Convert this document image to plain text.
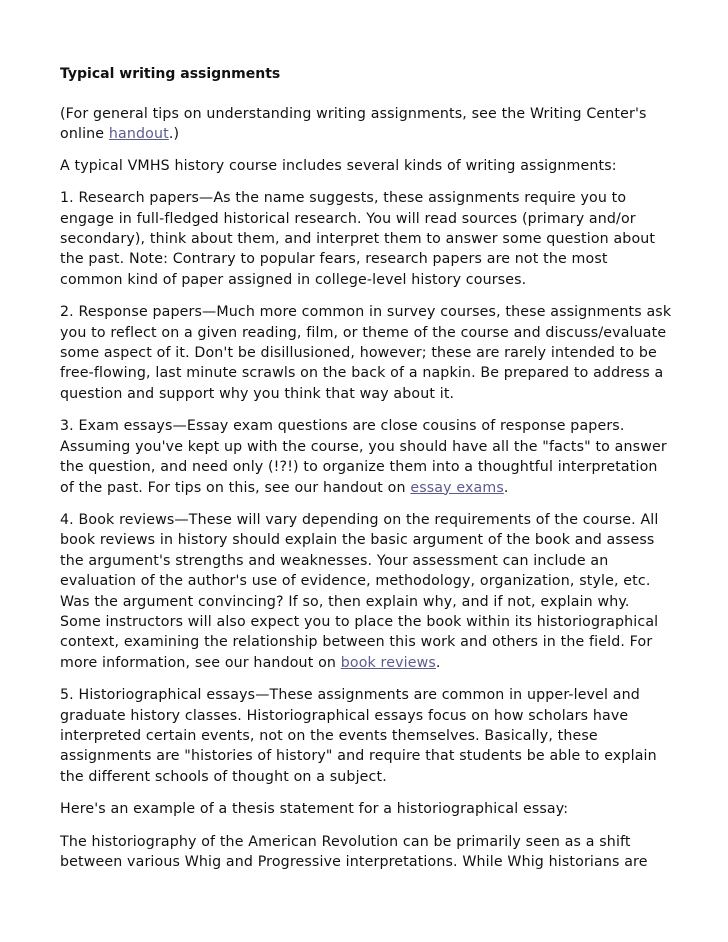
Typical writing assignments

(For general tips on understanding writing assignments, see the Writing Center's online handout.)

A typical VMHS history course includes several kinds of writing assignments:

1. Research papers—As the name suggests, these assignments require you to engage in full-fledged historical research. You will read sources (primary and/or secondary), think about them, and interpret them to answer some question about the past. Note: Contrary to popular fears, research papers are not the most common kind of paper assigned in college-level history courses.

2. Response papers—Much more common in survey courses, these assignments ask you to reflect on a given reading, film, or theme of the course and discuss/evaluate some aspect of it. Don't be disillusioned, however; these are rarely intended to be free-flowing, last minute scrawls on the back of a napkin. Be prepared to address a question and support why you think that way about it.

3. Exam essays—Essay exam questions are close cousins of response papers. Assuming you've kept up with the course, you should have all the "facts" to answer the question, and need only (!?!) to organize them into a thoughtful interpretation of the past. For tips on this, see our handout on essay exams.

4. Book reviews—These will vary depending on the requirements of the course. All book reviews in history should explain the basic argument of the book and assess the argument's strengths and weaknesses. Your assessment can include an evaluation of the author's use of evidence, methodology, organization, style, etc. Was the argument convincing? If so, then explain why, and if not, explain why. Some instructors will also expect you to place the book within its historiographical context, examining the relationship between this work and others in the field. For more information, see our handout on book reviews.

5. Historiographical essays—These assignments are common in upper-level and graduate history classes. Historiographical essays focus on how scholars have interpreted certain events, not on the events themselves. Basically, these assignments are "histories of history" and require that students be able to explain the different schools of thought on a subject.

Here's an example of a thesis statement for a historiographical essay:

The historiography of the American Revolution can be primarily seen as a shift between various Whig and Progressive interpretations. While Whig historians are
